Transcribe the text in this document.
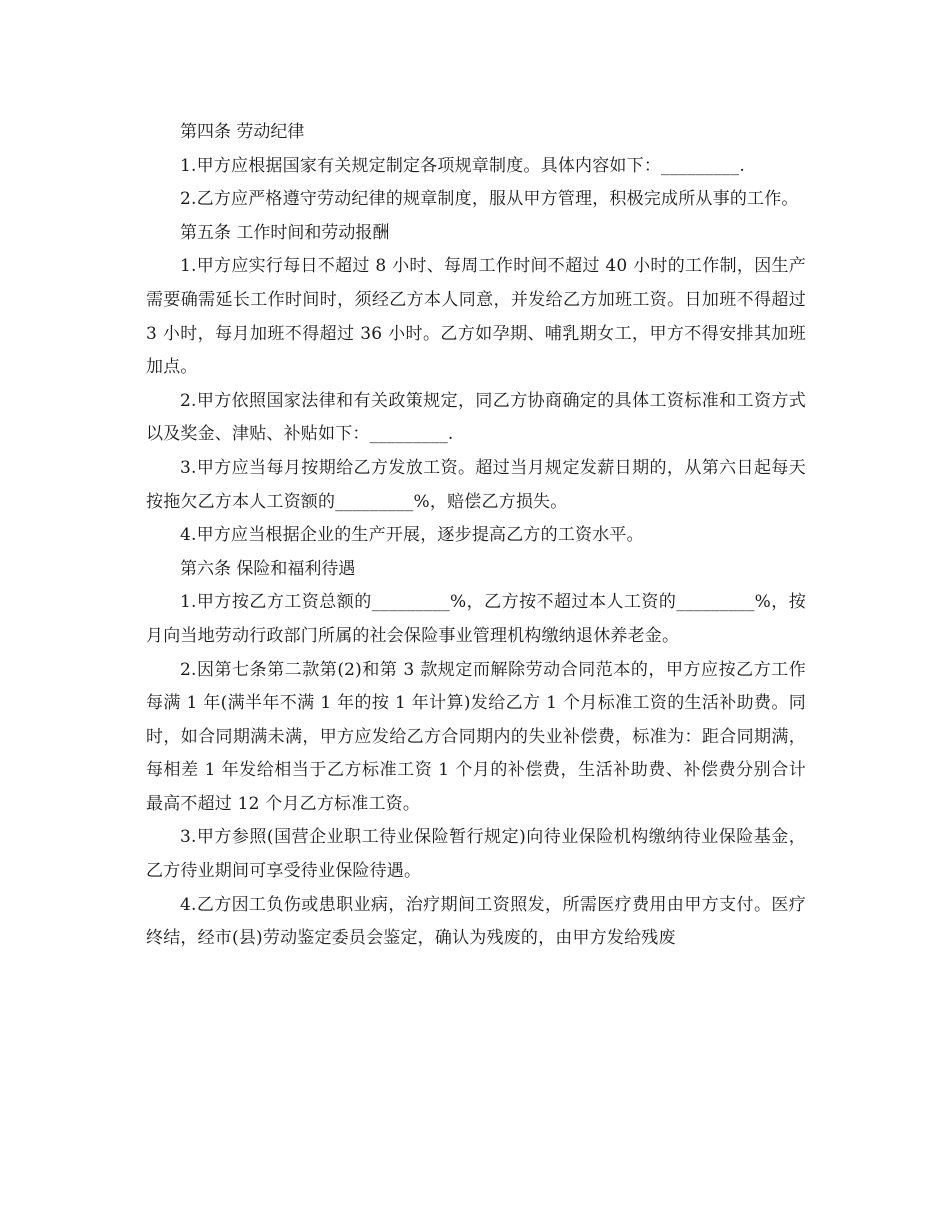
第四条 劳动纪律

1.甲方应根据国家有关规定制定各项规章制度。具体内容如下：_________.

2.乙方应严格遵守劳动纪律的规章制度，服从甲方管理，积极完成所从事的工作。

第五条 工作时间和劳动报酬

1.甲方应实行每日不超过 8 小时、每周工作时间不超过 40 小时的工作制，因生产需要确需延长工作时间时，须经乙方本人同意，并发给乙方加班工资。日加班不得超过 3 小时，每月加班不得超过 36 小时。乙方如孕期、哺乳期女工，甲方不得安排其加班加点。

2.甲方依照国家法律和有关政策规定，同乙方协商确定的具体工资标准和工资方式以及奖金、津贴、补贴如下：_________.

3.甲方应当每月按期给乙方发放工资。超过当月规定发薪日期的，从第六日起每天按拖欠乙方本人工资额的_________%，赔偿乙方损失。

4.甲方应当根据企业的生产开展，逐步提高乙方的工资水平。

第六条 保险和福利待遇

1.甲方按乙方工资总额的_________%，乙方按不超过本人工资的_________%，按月向当地劳动行政部门所属的社会保险事业管理机构缴纳退休养老金。

2.因第七条第二款第(2)和第 3 款规定而解除劳动合同范本的，甲方应按乙方工作每满 1 年(满半年不满 1 年的按 1 年计算)发给乙方 1 个月标准工资的生活补助费。同时，如合同期满未满，甲方应发给乙方合同期内的失业补偿费，标准为：距合同期满，每相差 1 年发给相当于乙方标准工资 1 个月的补偿费，生活补助费、补偿费分别合计最高不超过 12 个月乙方标准工资。

3.甲方参照(国营企业职工待业保险暂行规定)向待业保险机构缴纳待业保险基金，乙方待业期间可享受待业保险待遇。

4.乙方因工负伤或患职业病，治疗期间工资照发，所需医疗费用由甲方支付。医疗终结，经市(县)劳动鉴定委员会鉴定，确认为残废的，由甲方发给残废
